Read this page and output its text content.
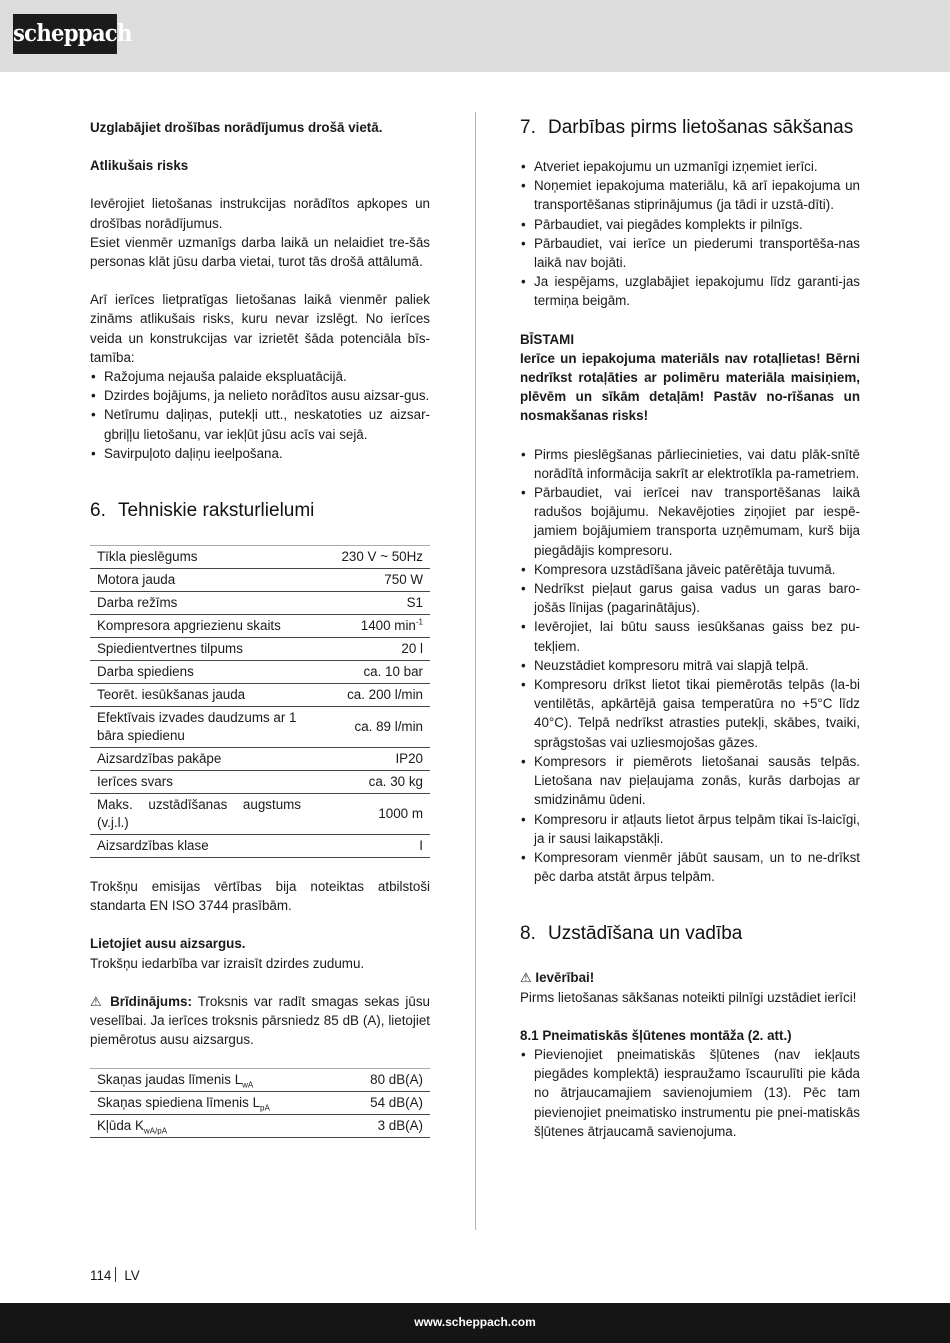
scheppach

Uzglabājiet drošības norādījumus drošā vietā.

Atlikušais risks

Ievērojiet lietošanas instrukcijas norādītos apkopes un drošības norādījumus.

Esiet vienmēr uzmanīgs darba laikā un nelaidiet tre-šās personas klāt jūsu darba vietai, turot tās drošā attālumā.

Arī ierīces lietpratīgas lietošanas laikā vienmēr paliek zināms atlikušais risks, kuru nevar izslēgt. No ierīces veida un konstrukcijas var izrietēt šāda potenciāla bīs-tamība:

• Ražojuma nejauša palaide ekspluatācijā.
• Dzirdes bojājums, ja nelieto norādītos ausu aizsar-gus.
• Netīrumu daļiņas, putekļi utt., neskatoties uz aizsar-gbriļļu lietošanu, var iekļūt jūsu acīs vai sejā.
• Savirpuļoto daļiņu ieelpošana.
6. Tehniskie raksturlielumi
Tīkla pieslēgums	230 V ~ 50Hz
Motora jauda	750 W
Darba režīms	S1
Kompresora apgriezienu skaits	1400 $\min^{-1}$
Spiedientvertnes tilpums	20 l
Darba spiediens	ca. 10 bar
Teorēt. iesūkšanas jauda	ca. 200 l/min
Efektīvais izvades daudzums ar 1 bāra spiedienu	ca. 89 l/min
Aizsardzības pakāpe	IP20
Ierīces svars	ca. 30 kg
Maks. uzstādīšanas augstums (v.j.l.)	1000 m
Aizsardzības klase	I

Trokšņu emisijas vērtības bija noteiktas atbilstoši standarta EN ISO 3744 prasībām.

Lietojiet ausu aizsargus.

Trokšņu iedarbība var izraisīt dzirdes zudumu.

⚠ Brīdinājums: Troksnis var radīt smagas sekas jūsu veselībai. Ja ierīces troksnis pārsniedz 85 dB (A), lietojiet piemērotus ausu aizsargus.

Skaņas jaudas līmenis $L_{wA}$	80 dB(A)
Skaņas spiediena līmenis $L_{pA}$	54 dB(A)
Kļūda $K_{wA/pA}$	3 dB(A)
7. Darbības pirms lietošanas sākšanas
• Atveriet iepakojumu un uzmanīgi izņemiet ierīci.
• Noņemiet iepakojuma materiālu, kā arī iepakojuma un transportēšanas stiprinājumus (ja tādi ir uzstā-dīti).
• Pārbaudiet, vai piegādes komplekts ir pilnīgs.
• Pārbaudiet, vai ierīce un piederumi transportēša-nas laikā nav bojāti.
• Ja iespējams, uzglabājiet iepakojumu līdz garanti-jas termiņa beigām.

BĪSTAMI

Ierīce un iepakojuma materiāls nav rotaļlietas! Bērni nedrīkst rotaļāties ar polimēru materiāla maisiņiem, plēvēm un sīkām detaļām! Pastāv no-rīšanas un nosmakšanas risks!

• Pirms pieslēgšanas pārliecinieties, vai datu plāk-snītē norādītā informācija sakrīt ar elektrotīkla pa-rametriem.
• Pārbaudiet, vai ierīcei nav transportēšanas laikā radušos bojājumu. Nekavējoties ziņojiet par iespē-jamiem bojājumiem transporta uzņēmumam, kurš bija piegādājis kompresoru.
• Kompresora uzstādīšana jāveic patērētāja tuvumā.
• Nedrīkst pieļaut garus gaisa vadus un garas baro-jošās līnijas (pagarinātājus).
• Ievērojiet, lai būtu sauss iesūkšanas gaiss bez pu-tekļiem.
• Neuzstādiet kompresoru mitrā vai slapjā telpā.
• Kompresoru drīkst lietot tikai piemērotās telpās (la-bi ventilētās, apkārtējā gaisa temperatūra no +5°C līdz 40°C). Telpā nedrīkst atrasties putekļi, skābes, tvaiki, sprāgstošas vai uzliesmojošas gāzes.
• Kompresors ir piemērots lietošanai sausās telpās. Lietošana nav pieļaujama zonās, kurās darbojas ar smidzināmu ūdeni.
• Kompresoru ir atļauts lietot ārpus telpām tikai īs-laicīgi, ja ir sausi laikapstākļi.
• Kompresoram vienmēr jābūt sausam, un to ne-drīkst pēc darba atstāt ārpus telpām.
8. Uzstādīšana un vadība

⚠ Ievērībai!

Pirms lietošanas sākšanas noteikti pilnīgi uzstādiet ierīci!

8.1 Pneimatiskās šļūtenes montāža (2. att.)

• Pievienojiet pneimatiskās šļūtenes (nav iekļauts piegādes komplektā) iespraužamo īscaurulīti pie kāda no ātrjaucamajiem savienojumiem (13). Pēc tam pievienojiet pneimatisko instrumentu pie pnei-matiskās šļūtenes ātrjaucamā savienojuma.
114 LV
www.scheppach.com
